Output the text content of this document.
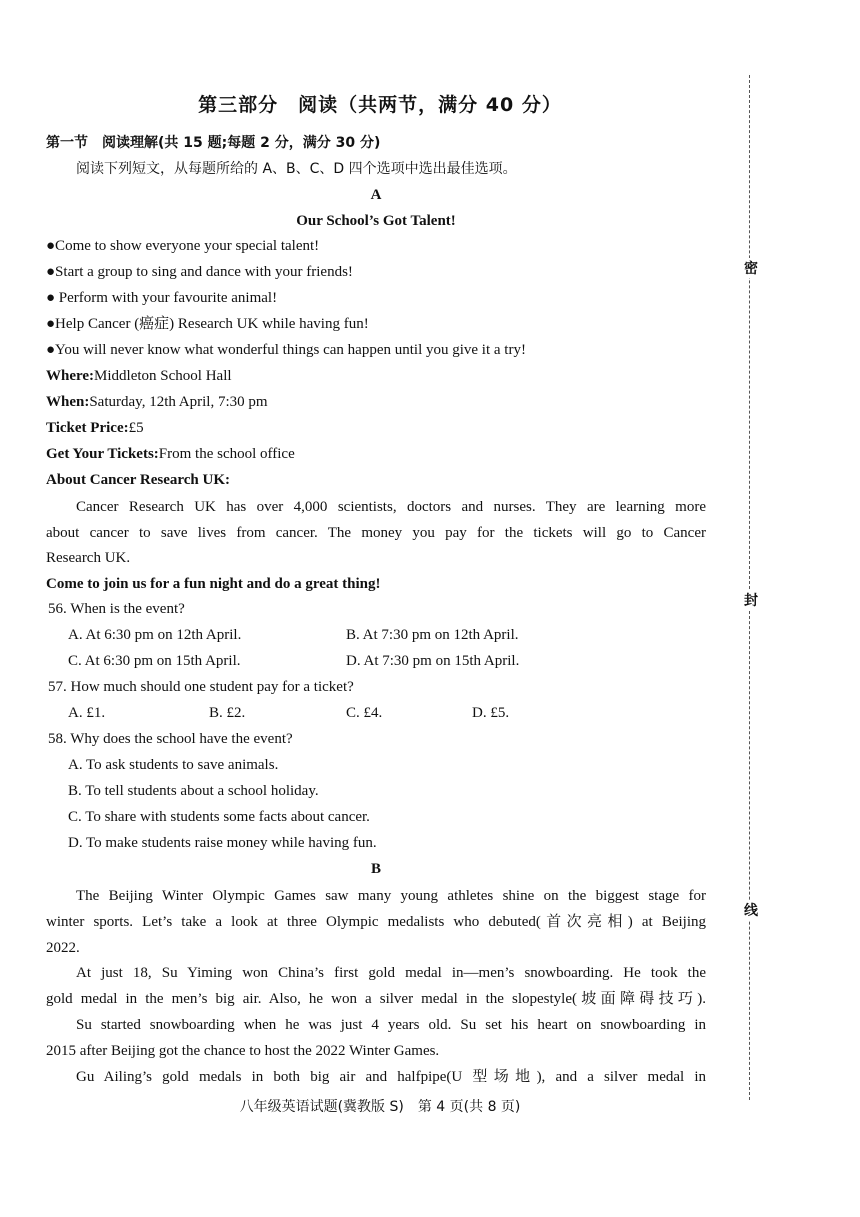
第三部分　阅读（共两节，满分 40 分）
第一节　阅读理解(共 15 题;每题 2 分，满分 30 分)
阅读下列短文，从每题所给的 A、B、C、D 四个选项中选出最佳选项。
A
Our School’s Got Talent!
●Come to show everyone your special talent!
●Start a group to sing and dance with your friends!
● Perform with your favourite animal!
●Help Cancer (癌症) Research UK while having fun!
●You will never know what wonderful things can happen until you give it a try!
Where:Middleton School Hall
When:Saturday, 12th April, 7:30 pm
Ticket Price:£5
Get Your Tickets:From the school office
About Cancer Research UK:
Cancer Research UK has over 4,000 scientists, doctors and nurses. They are learning more
about cancer to save lives from cancer. The money you pay for the tickets will go to Cancer
Research UK.
Come to join us for a fun night and do a great thing!
56. When is the event?
A. At 6:30 pm on 12th April.	B. At 7:30 pm on 12th April.
C. At 6:30 pm on 15th April.	D. At 7:30 pm on 15th April.
57. How much should one student pay for a ticket?
A. £1.	B. £2.	C. £4.	D. £5.
58. Why does the school have the event?
A. To ask students to save animals.
B. To tell students about a school holiday.
C. To share with students some facts about cancer.
D. To make students raise money while having fun.
B
The Beijing Winter Olympic Games saw many young athletes shine on the biggest stage for
winter sports. Let’s take a look at three Olympic medalists who debuted(首次亮相) at Beijing
2022.
At just 18, Su Yiming won China’s first gold medal in—men’s snowboarding. He took the
gold medal in the men’s big air. Also, he won a silver medal in the slopestyle(坡面障碍技巧).
Su started snowboarding when he was just 4 years old. Su set his heart on snowboarding in
2015 after Beijing got the chance to host the 2022 Winter Games.
Gu Ailing’s gold medals in both big air and halfpipe(U 型场地), and a silver medal in
八年级英语试题(冀教版 S)　第 4 页(共 8 页)
密
封
线
